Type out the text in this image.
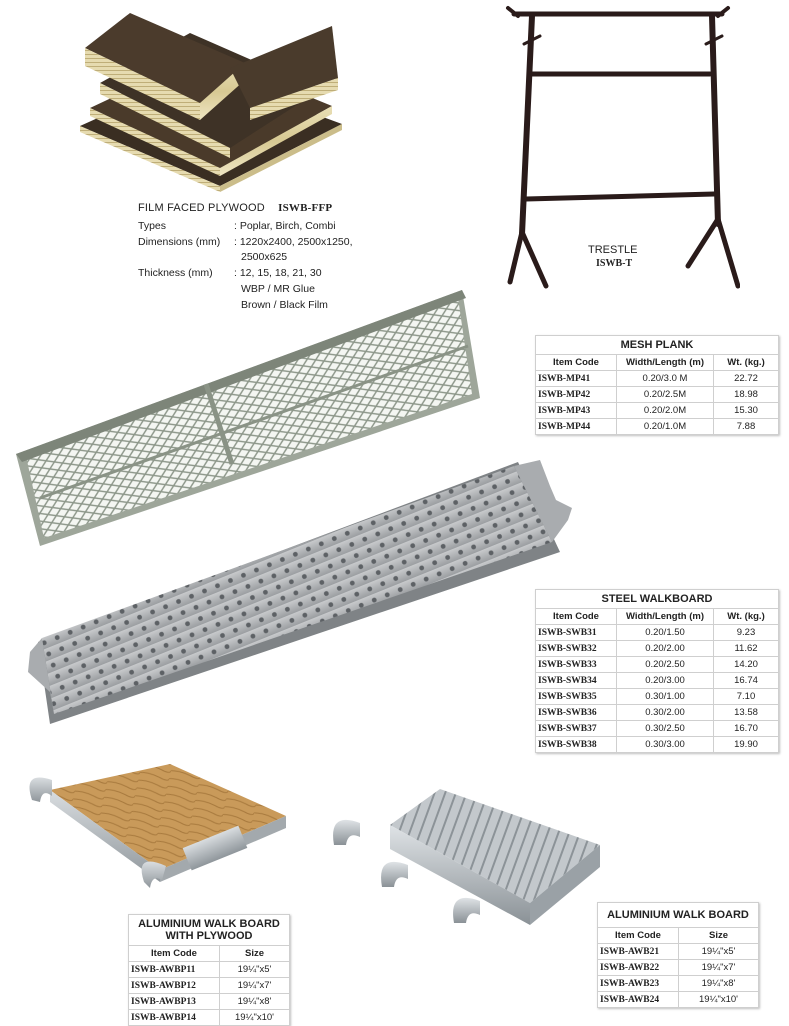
FILM FACED PLYWOOD ISWB-FFP
Types	: Poplar, Birch, Combi
Dimensions (mm)	: 1220x2400, 2500x1250,
2500x625
Thickness (mm)	: 12, 15, 18, 21, 30
WBP / MR Glue
Brown / Black Film
TRESTLE
ISWB-T
MESH PLANK		
Item Code	Width/Length (m)	Wt. (kg.)
ISWB-MP41	0.20/3.0 M	22.72
ISWB-MP42	0.20/2.5M	18.98
ISWB-MP43	0.20/2.0M	15.30
ISWB-MP44	0.20/1.0M	7.88
STEEL WALKBOARD		
Item Code	Width/Length (m)	Wt. (kg.)
ISWB-SWB31	0.20/1.50	9.23
ISWB-SWB32	0.20/2.00	11.62
ISWB-SWB33	0.20/2.50	14.20
ISWB-SWB34	0.20/3.00	16.74
ISWB-SWB35	0.30/1.00	7.10
ISWB-SWB36	0.30/2.00	13.58
ISWB-SWB37	0.30/2.50	16.70
ISWB-SWB38	0.30/3.00	19.90
ALUMINIUM WALK BOARD
WITH PLYWOOD	
Item Code	Size
ISWB-AWBP11	19¼"x5'
ISWB-AWBP12	19¼"x7'
ISWB-AWBP13	19¼"x8'
ISWB-AWBP14	19¼"x10'
ALUMINIUM WALK BOARD	
Item Code	Size
ISWB-AWB21	19¼"x5'
ISWB-AWB22	19¼"x7'
ISWB-AWB23	19¼"x8'
ISWB-AWB24	19¼"x10'
